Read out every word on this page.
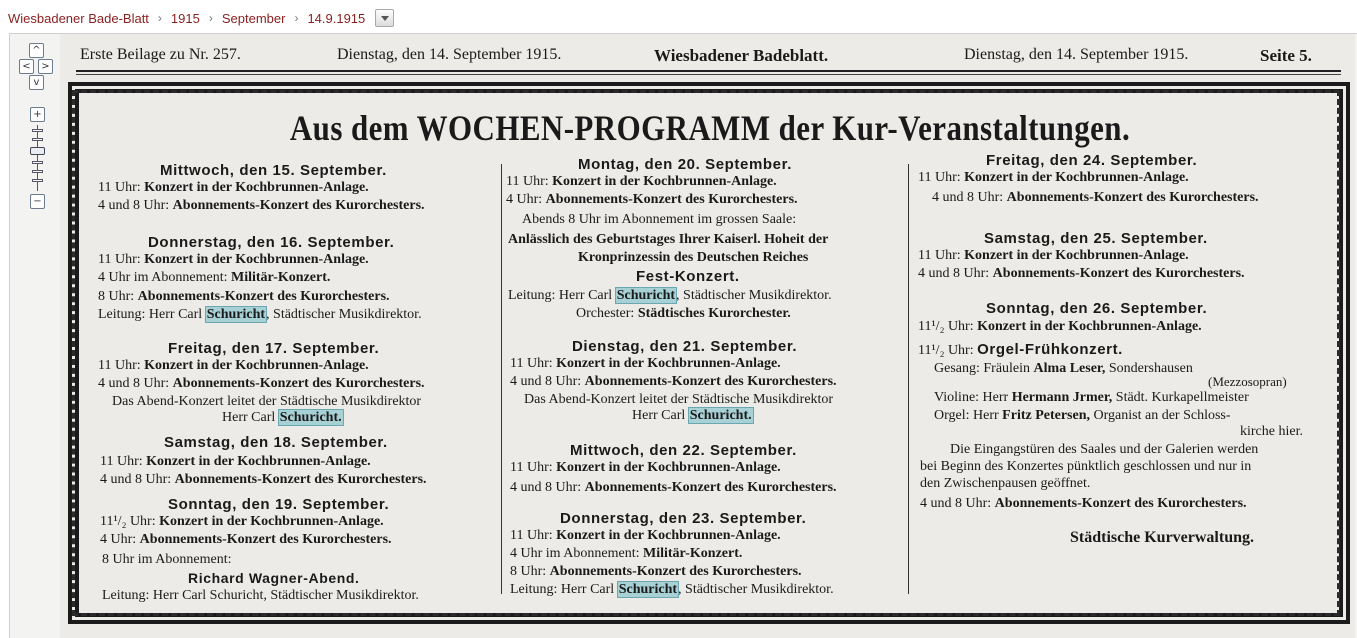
Wiesbadener Bade-Blatt › 1915 › September › 14.9.1915
^
<	>
v
+
−
Erste Beilage zu Nr. 257.	Dienstag, den 14. September 1915.	Wiesbadener Badeblatt.	Dienstag, den 14. September 1915.	Seite 5.
Aus dem WOCHEN-PROGRAMM der Kur-Veranstaltungen.
Mittwoch, den 15. September.
11 Uhr: Konzert in der Kochbrunnen-Anlage.
4 und 8 Uhr: Abonnements-Konzert des Kurorchesters.
Donnerstag, den 16. September.
11 Uhr: Konzert in der Kochbrunnen-Anlage.
4 Uhr im Abonnement: Militär-Konzert.
8 Uhr: Abonnements-Konzert des Kurorchesters.
Leitung: Herr Carl Schuricht, Städtischer Musikdirektor.
Freitag, den 17. September.
11 Uhr: Konzert in der Kochbrunnen-Anlage.
4 und 8 Uhr: Abonnements-Konzert des Kurorchesters.
Das Abend-Konzert leitet der Städtische Musikdirektor
Herr Carl Schuricht.
Samstag, den 18. September.
11 Uhr: Konzert in der Kochbrunnen-Anlage.
4 und 8 Uhr: Abonnements-Konzert des Kurorchesters.
Sonntag, den 19. September.
11¹/₂ Uhr: Konzert in der Kochbrunnen-Anlage.
4 Uhr: Abonnements-Konzert des Kurorchesters.
8 Uhr im Abonnement:
Richard Wagner-Abend.
Leitung: Herr Carl Schuricht, Städtischer Musikdirektor.
Montag, den 20. September.
11 Uhr: Konzert in der Kochbrunnen-Anlage.
4 Uhr: Abonnements-Konzert des Kurorchesters.
Abends 8 Uhr im Abonnement im grossen Saale:
Anlässlich des Geburtstages Ihrer Kaiserl. Hoheit der
Kronprinzessin des Deutschen Reiches
Fest-Konzert.
Leitung: Herr Carl Schuricht, Städtischer Musikdirektor.
Orchester: Städtisches Kurorchester.
Dienstag, den 21. September.
11 Uhr: Konzert in der Kochbrunnen-Anlage.
4 und 8 Uhr: Abonnements-Konzert des Kurorchesters.
Das Abend-Konzert leitet der Städtische Musikdirektor
Herr Carl Schuricht.
Mittwoch, den 22. September.
11 Uhr: Konzert in der Kochbrunnen-Anlage.
4 und 8 Uhr: Abonnements-Konzert des Kurorchesters.
Donnerstag, den 23. September.
11 Uhr: Konzert in der Kochbrunnen-Anlage.
4 Uhr im Abonnement: Militär-Konzert.
8 Uhr: Abonnements-Konzert des Kurorchesters.
Leitung: Herr Carl Schuricht, Städtischer Musikdirektor.
Freitag, den 24. September.
11 Uhr: Konzert in der Kochbrunnen-Anlage.
4 und 8 Uhr: Abonnements-Konzert des Kurorchesters.
Samstag, den 25. September.
11 Uhr: Konzert in der Kochbrunnen-Anlage.
4 und 8 Uhr: Abonnements-Konzert des Kurorchesters.
Sonntag, den 26. September.
11¹/₂ Uhr: Konzert in der Kochbrunnen-Anlage.
11¹/₂ Uhr: Orgel-Frühkonzert.
Gesang: Fräulein Alma Leser, Sondershausen
(Mezzosopran)
Violine: Herr Hermann Jrmer, Städt. Kurkapellmeister
Orgel: Herr Fritz Petersen, Organist an der Schloss-
kirche hier.
Die Eingangstüren des Saales und der Galerien werden
bei Beginn des Konzertes pünktlich geschlossen und nur in
den Zwischenpausen geöffnet.
4 und 8 Uhr: Abonnements-Konzert des Kurorchesters.
Städtische Kurverwaltung.
